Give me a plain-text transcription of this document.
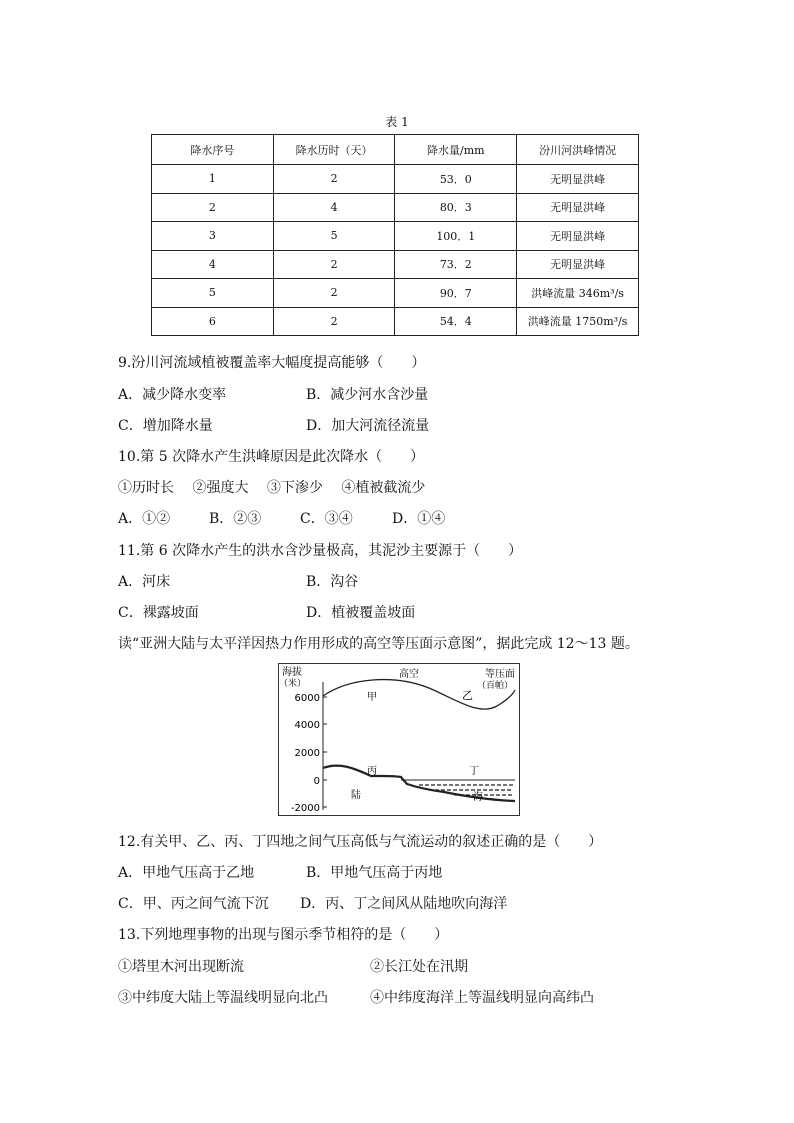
表 1
降水序号	降水历时（天）	降水量/mm	汾川河洪峰情况
1	2	53．0	无明显洪峰
2	4	80．3	无明显洪峰
3	5	100．1	无明显洪峰
4	2	73．2	无明显洪峰
5	2	90．7	洪峰流量 346m³/s
6	2	54．4	洪峰流量 1750m³/s
9.汾川河流域植被覆盖率大幅度提高能够（　　）
A．减少降水变率	B．减少河水含沙量
C．增加降水量	D．加大河流径流量
10.第 5 次降水产生洪峰原因是此次降水（　　）
①历时长　 ②强度大　 ③下渗少　 ④植被截流少
A．①②	B．②③	C．③④	D．①④
11.第 6 次降水产生的洪水含沙量极高，其泥沙主要源于（　　）
A．河床	B．沟谷
C．裸露坡面	D．植被覆盖坡面
读“亚洲大陆与太平洋因热力作用形成的高空等压面示意图”，据此完成 12～13 题。
海拔
（米）
6000
4000
2000
0
-2000
高空	等压面
（百帕）
甲	乙
丙	丁
陆	海
12.有关甲、乙、丙、丁四地之间气压高低与气流运动的叙述正确的是（　　）
A．甲地气压高于乙地	B．甲地气压高于丙地
C．甲、丙之间气流下沉 D．丙、丁之间风从陆地吹向海洋
13.下列地理事物的出现与图示季节相符的是（　　）
①塔里木河出现断流	②长江处在汛期
③中纬度大陆上等温线明显向北凸	④中纬度海洋上等温线明显向高纬凸
